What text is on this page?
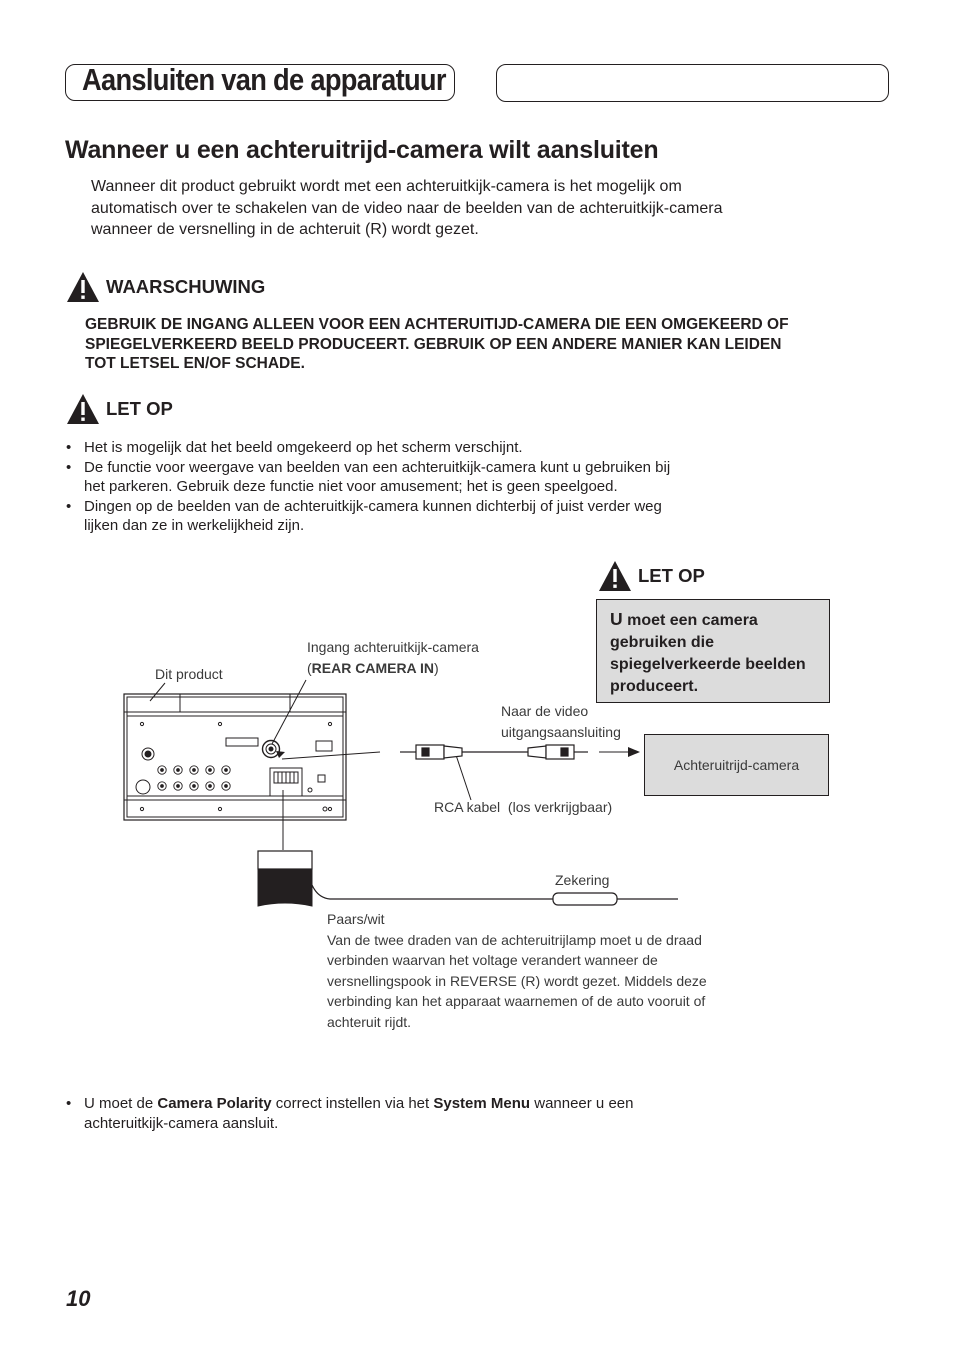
Aansluiten van de apparatuur
Wanneer u een achteruitrijd-camera wilt aansluiten
Wanneer dit product gebruikt wordt met een achteruitkijk-camera is het mogelijk om
automatisch over te schakelen van de video naar de beelden van de achteruitkijk-camera
wanneer de versnelling in de achteruit (R) wordt gezet.
WAARSCHUWING
GEBRUIK DE INGANG ALLEEN VOOR EEN ACHTERUITIJD-CAMERA DIE EEN OMGEKEERD OF
SPIEGELVERKEERD BEELD PRODUCEERT. GEBRUIK OP EEN ANDERE MANIER KAN LEIDEN
TOT LETSEL EN/OF SCHADE.
LET OP
• Het is mogelijk dat het beeld omgekeerd op het scherm verschijnt.
• De functie voor weergave van beelden van een achteruitkijk-camera kunt u gebruiken bij
het parkeren. Gebruik deze functie niet voor amusement; het is geen speelgoed.
• Dingen op de beelden van de achteruitkijk-camera kunnen dichterbij of juist verder weg
lijken dan ze in werkelijkheid zijn.
LET OP
U moet een camera gebruiken die spiegelverkeerde beelden produceert.
Dit product
Ingang achteruitkijk-camera
(REAR CAMERA IN)
Naar de video
uitgangsaansluiting
Achteruitrijd-camera
RCA kabel  (los verkrijgbaar)
Zekering
Paars/wit
Van de twee draden van de achteruitrijlamp moet u de draad
verbinden waarvan het voltage verandert wanneer de
versnellingspook in REVERSE (R) wordt gezet. Middels deze
verbinding kan het apparaat waarnemen of de auto vooruit of
achteruit rijdt.
• U moet de Camera Polarity correct instellen via het System Menu wanneer u een
achteruitkijk-camera aansluit.
10
